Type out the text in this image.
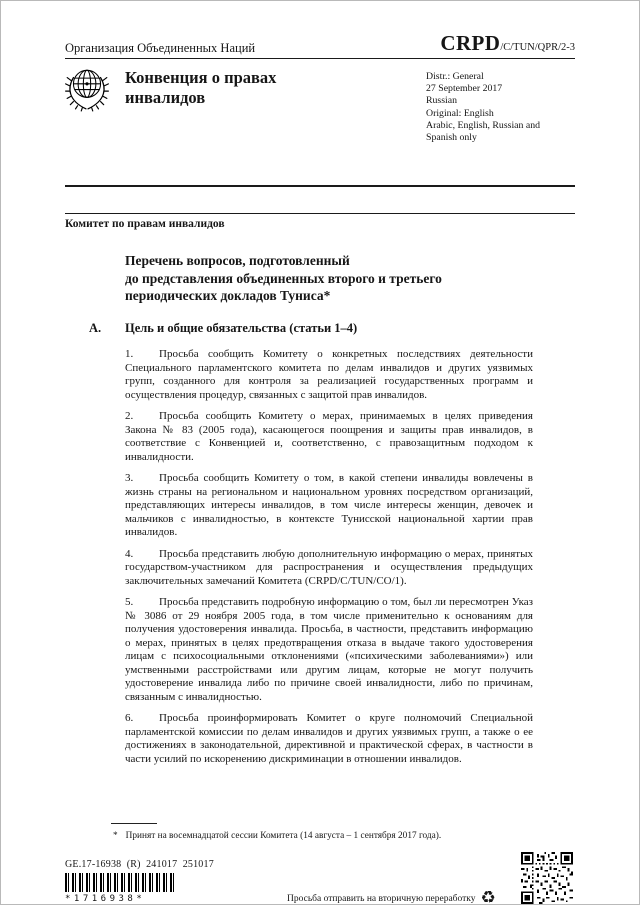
Организация Объединенных Наций	CRPD/C/TUN/QPR/2-3
Конвенция о правах
инвалидов
Distr.: General
27 September 2017
Russian
Original: English
Arabic, English, Russian and
Spanish only
Комитет по правам инвалидов
Перечень вопросов, подготовленный
до представления объединенных второго и третьего
периодических докладов Туниса*
А. Цель и общие обязательства (статьи 1–4)

1. Просьба сообщить Комитету о конкретных последствиях деятельности Специального парламентского комитета по делам инвалидов и других уязвимых групп, созданного для контроля за реализацией государственных программ и осуществления процедур, связанных с защитой прав инвалидов.

2. Просьба сообщить Комитету о мерах, принимаемых в целях приведения Закона № 83 (2005 года), касающегося поощрения и защиты прав инвалидов, в соответствие с Конвенцией и, соответственно, с правозащитным подходом к инвалидности.

3. Просьба сообщить Комитету о том, в какой степени инвалиды вовлечены в жизнь страны на региональном и национальном уровнях посредством организаций, представляющих интересы инвалидов, в том числе интересы женщин, девочек и мальчиков с инвалидностью, в контексте Тунисской национальной хартии прав инвалидов.

4. Просьба представить любую дополнительную информацию о мерах, принятых государством-участником для распространения и осуществления предыдущих заключительных замечаний Комитета (CRPD/C/TUN/CO/1).

5. Просьба представить подробную информацию о том, был ли пересмотрен Указ № 3086 от 29 ноября 2005 года, в том числе применительно к основаниям для получения удостоверения инвалида. Просьба, в частности, представить информацию о мерах, принятых в целях предотвращения отказа в выдаче такого удостоверения лицам с психосоциальными отклонениями («психическими заболеваниями») или умственными расстройствами или другим лицам, которые не могут получить удостоверение инвалида либо по причине своей инвалидности, либо по причинам, связанным с инвалидностью.

6. Просьба проинформировать Комитет о круге полномочий Специальной парламентской комиссии по делам инвалидов и других уязвимых групп, а также о ее достижениях в законодательной, директивной и практической сферах, в частности в части усилий по искоренению дискриминации в отношении инвалидов.

* Принят на восемнадцатой сессии Комитета (14 августа – 1 сентября 2017 года).
GE.17-16938  (R)  241017  251017
*1716938*	Просьба отправить на вторичную переработку ♻
